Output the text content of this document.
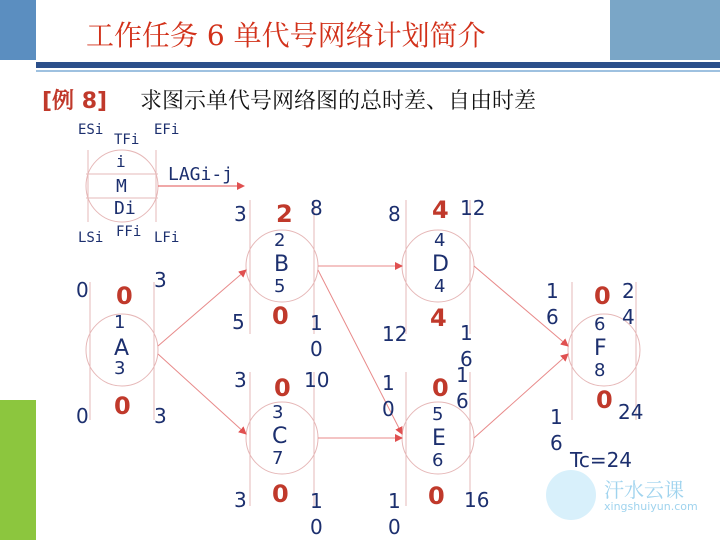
工作任务 6 单代号网络计划简介
[例 8] 求图示单代号网络图的总时差、自由时差
ESi	EFi
TFi
i
M
Di
LSi FFi LFi
LAGi-j
0	3
0
1
A
3
0 0 3
3 2 8
2
B
5
5 0 10
3 0 10
3
C
7
3 0 10
8 4 12
4
D
4
12
4
16
10
0 16
5
E
6
10
0 16
16
0 24
6
F
8
16
0 24
Tc=24
汗水云课
xingshuiyun.com
